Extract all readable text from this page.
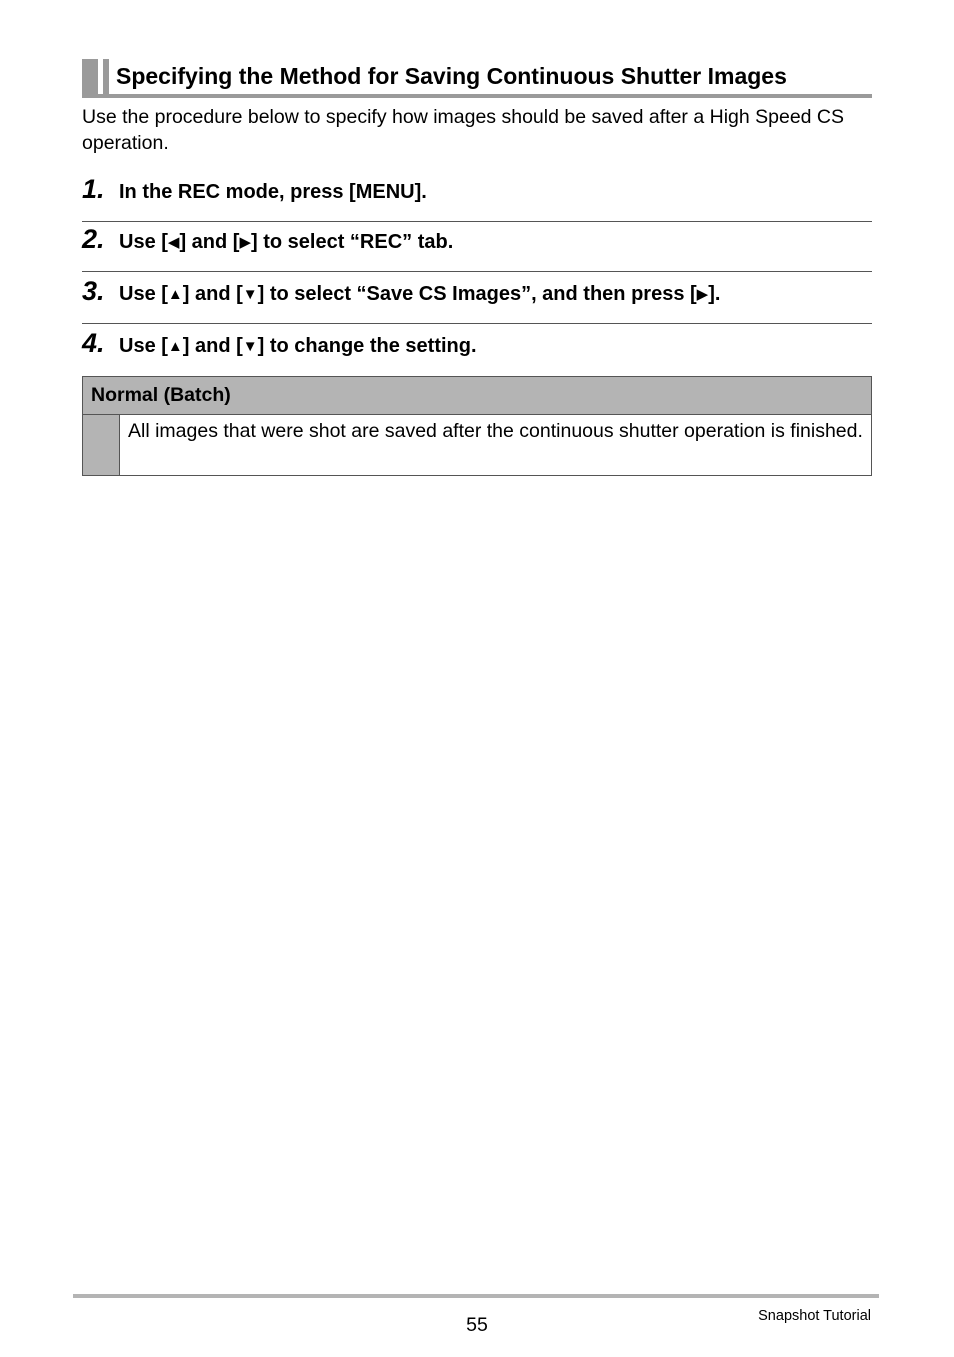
Specifying the Method for Saving Continuous Shutter Images

Use the procedure below to specify how images should be saved after a High Speed CS operation.

1. In the REC mode, press [MENU].
2. Use [◀] and [▶] to select “REC” tab.
3. Use [▲] and [▼] to select “Save CS Images”, and then press [▶].
4. Use [▲] and [▼] to change the setting.
Normal (Batch)

All images that were shot are saved after the continuous shutter operation is finished.

55	Snapshot Tutorial
